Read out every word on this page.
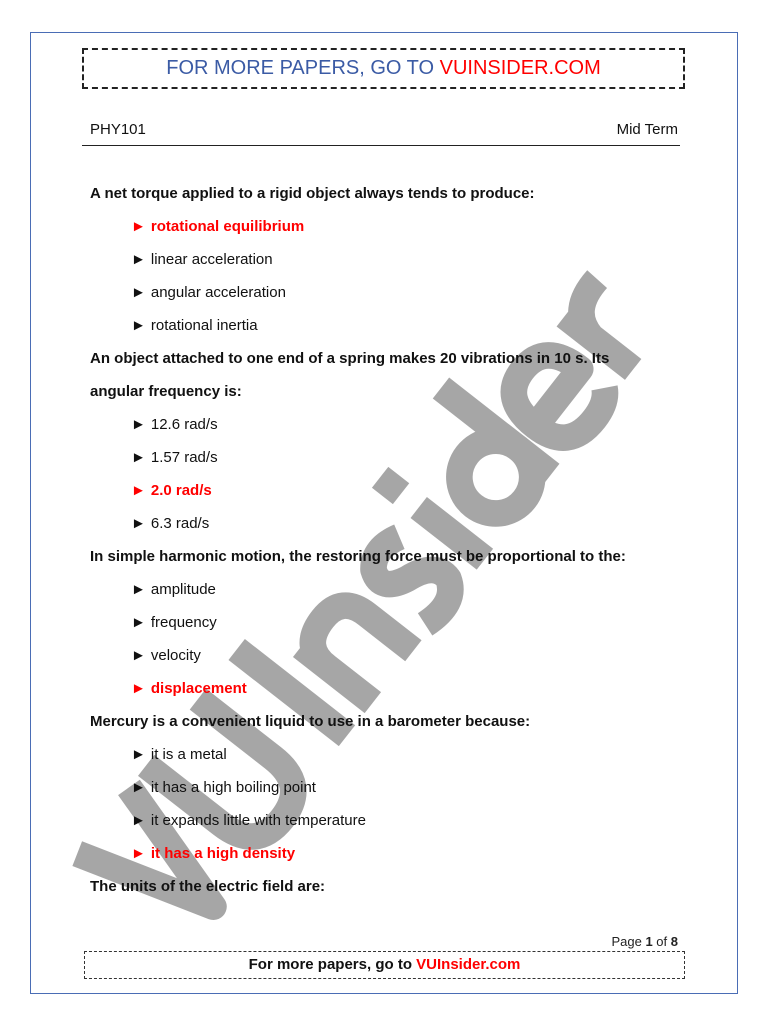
FOR MORE PAPERS, GO TO VUINSIDER.COM
PHY101	Mid Term
A net torque applied to a rigid object always tends to produce:
► rotational equilibrium
► linear acceleration
► angular acceleration
► rotational inertia
An object attached to one end of a spring makes 20 vibrations in 10 s. Its
angular frequency is:
► 12.6 rad/s
► 1.57 rad/s
► 2.0 rad/s
► 6.3 rad/s
In simple harmonic motion, the restoring force must be proportional to the:
► amplitude
► frequency
► velocity
► displacement
Mercury is a convenient liquid to use in a barometer because:
► it is a metal
► it has a high boiling point
► it expands little with temperature
► it has a high density
The units of the electric field are:
Page 1 of 8
For more papers, go to VUInsider.com
